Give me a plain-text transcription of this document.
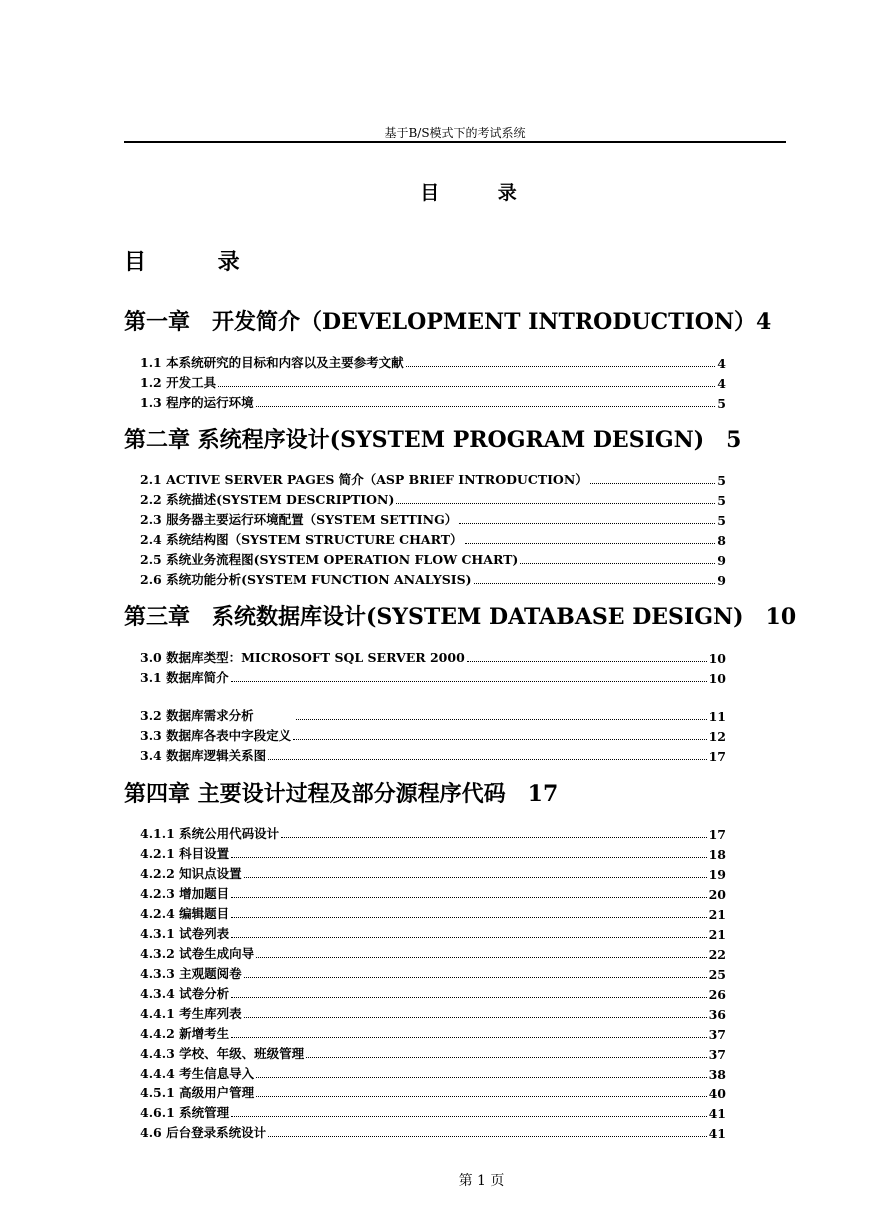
基于B/S模式下的考试系统
目 录
目 录
第一章　开发简介（DEVELOPMENT INTRODUCTION）4
第二章 系统程序设计(SYSTEM PROGRAM DESIGN)　5
第三章　系统数据库设计(SYSTEM DATABASE DESIGN)　10
第四章 主要设计过程及部分源程序代码　17
1.1 本系统研究的目标和内容以及主要参考文献	4
1.2 开发工具	4
1.3 程序的运行环境	5
2.1 ACTIVE SERVER PAGES 简介（ASP BRIEF INTRODUCTION）	5
2.2 系统描述(SYSTEM DESCRIPTION)	5
2.3 服务器主要运行环境配置（SYSTEM SETTING）	5
2.4 系统结构图（SYSTEM STRUCTURE CHART）	8
2.5 系统业务流程图(SYSTEM OPERATION FLOW CHART)	9
2.6 系统功能分析(SYSTEM FUNCTION ANALYSIS)	9
3.0 数据库类型：MICROSOFT SQL SERVER 2000	10
3.1 数据库简介	10
3.2 数据库需求分析	11
3.3 数据库各表中字段定义	12
3.4 数据库逻辑关系图	17
4.1.1 系统公用代码设计	17
4.2.1 科目设置	18
4.2.2 知识点设置	19
4.2.3 增加题目	20
4.2.4 编辑题目	21
4.3.1 试卷列表	21
4.3.2 试卷生成向导	22
4.3.3 主观题阅卷	25
4.3.4 试卷分析	26
4.4.1 考生库列表	36
4.4.2 新增考生	37
4.4.3 学校、年级、班级管理	37
4.4.4 考生信息导入	38
4.5.1 高级用户管理	40
4.6.1 系统管理	41
4.6 后台登录系统设计	41
第 1 页
